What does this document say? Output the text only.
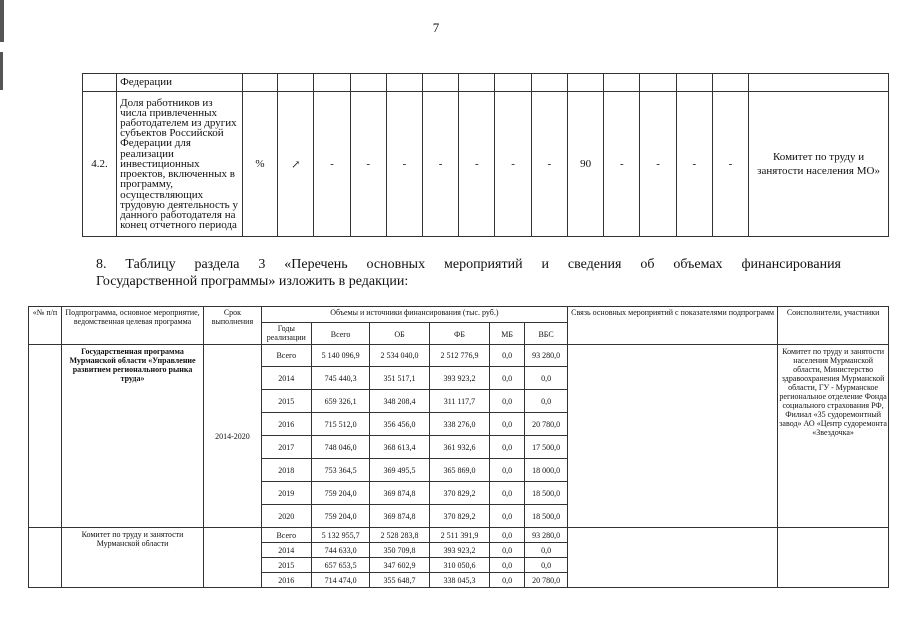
7
	Федерации															
4.2.	Доля работников из числа привлеченных работодателем из других субъектов Российской Федерации для реализации инвестиционных проектов, включенных в программу, осуществляющих трудовую деятельность у данного работодателя на конец отчетного периода	%	↗	-	-	-	-	-	-	-	90	-	-	-	-	Комитет по труду и занятости населения МО»
8. Таблицу раздела 3 «Перечень основных мероприятий и сведения об объемах финансирования
Государственной программы» изложить в редакции:
«№ п/п	Подпрограмма, основное мероприятие, ведомственная целевая программа	Срок выполнения	Объемы и источники финансирования (тыс. руб.)						Связь основных мероприятий с показателями подпрограмм	Соисполнители, участники
			Годы реализации	Всего	ОБ	ФБ	МБ	ВБС		
	Государственная программа Мурманской области «Управление развитием регионального рынка труда»	2014-2020	Всего	5 140 096,9	2 534 040,0	2 512 776,9	0,0	93 280,0		Комитет по труду и занятости населения Мурманской области, Министерство здравоохранения Мурманской области, ГУ - Мурманское региональное отделение Фонда социального страхования РФ, Филиал «35 судоремонтный завод» АО «Центр судоремонта «Звездочка»
			2014	745 440,3	351 517,1	393 923,2	0,0	0,0		
			2015	659 326,1	348 208,4	311 117,7	0,0	0,0		
			2016	715 512,0	356 456,0	338 276,0	0,0	20 780,0		
			2017	748 046,0	368 613,4	361 932,6	0,0	17 500,0		
			2018	753 364,5	369 495,5	365 869,0	0,0	18 000,0		
			2019	759 204,0	369 874,8	370 829,2	0,0	18 500,0		
			2020	759 204,0	369 874,8	370 829,2	0,0	18 500,0		
	Комитет по труду и занятости Мурманской области		Всего	5 132 955,7	2 528 283,8	2 511 391,9	0,0	93 280,0		
			2014	744 633,0	350 709,8	393 923,2	0,0	0,0		
			2015	657 653,5	347 602,9	310 050,6	0,0	0,0		
			2016	714 474,0	355 648,7	338 045,3	0,0	20 780,0		
